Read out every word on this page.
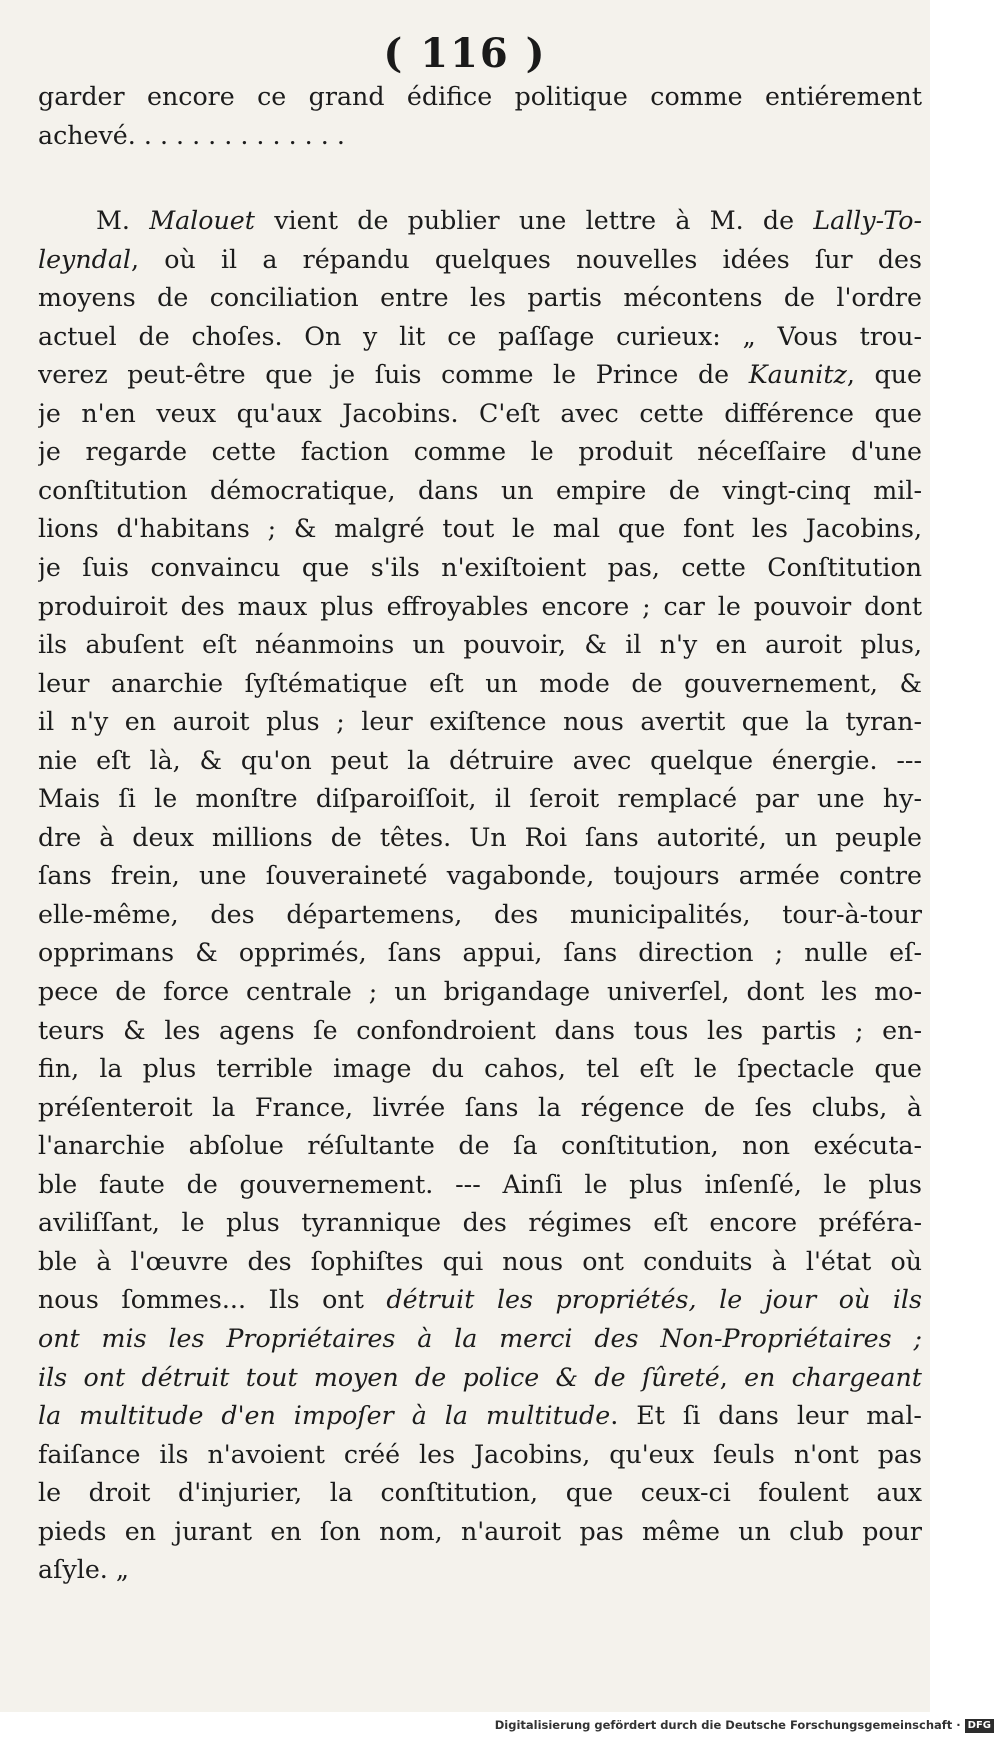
( 116 )
garder encore ce grand édifice politique comme entiérement
achevé. . . . . . . . . . . . . .
M. Malouet vient de publier une lettre à M. de Lally-To-
leyndal, où il a répandu quelques nouvelles idées ſur des
moyens de conciliation entre les partis mécontens de l'ordre
actuel de choſes. On y lit ce paſſage curieux: „ Vous trou-
verez peut-être que je ſuis comme le Prince de Kaunitz, que
je n'en veux qu'aux Jacobins. C'eſt avec cette différence que
je regarde cette faction comme le produit néceſſaire d'une
conſtitution démocratique, dans un empire de vingt-cinq mil-
lions d'habitans ; & malgré tout le mal que font les Jacobins,
je ſuis convaincu que s'ils n'exiſtoient pas, cette Conſtitution
produiroit des maux plus effroyables encore ; car le pouvoir dont
ils abuſent eſt néanmoins un pouvoir, & il n'y en auroit plus,
leur anarchie ſyſtématique eſt un mode de gouvernement, &
il n'y en auroit plus ; leur exiſtence nous avertit que la tyran-
nie eſt là, & qu'on peut la détruire avec quelque énergie. ---
Mais ſi le monſtre diſparoiſſoit, il ſeroit remplacé par une hy-
dre à deux millions de têtes. Un Roi ſans autorité, un peuple
ſans frein, une ſouveraineté vagabonde, toujours armée contre
elle-même, des départemens, des municipalités, tour-à-tour
opprimans & opprimés, ſans appui, ſans direction ; nulle eſ-
pece de force centrale ; un brigandage univerſel, dont les mo-
teurs & les agens ſe confondroient dans tous les partis ; en-
fin, la plus terrible image du cahos, tel eſt le ſpectacle que
préſenteroit la France, livrée ſans la régence de ſes clubs, à
l'anarchie abſolue réſultante de ſa conſtitution, non exécuta-
ble faute de gouvernement. --- Ainſi le plus inſenſé, le plus
aviliſſant, le plus tyrannique des régimes eſt encore préféra-
ble à l'œuvre des ſophiſtes qui nous ont conduits à l'état où
nous ſommes... Ils ont détruit les propriétés, le jour où ils
ont mis les Propriétaires à la merci des Non-Propriétaires ;
ils ont détruit tout moyen de police & de ſûreté, en chargeant
la multitude d'en impoſer à la multitude. Et ſi dans leur mal-
faiſance ils n'avoient créé les Jacobins, qu'eux ſeuls n'ont pas
le droit d'injurier, la conſtitution, que ceux-ci foulent aux
pieds en jurant en ſon nom, n'auroit pas même un club pour
aſyle. „
Digitalisierung gefördert durch die Deutsche Forschungsgemeinschaft · DFG
